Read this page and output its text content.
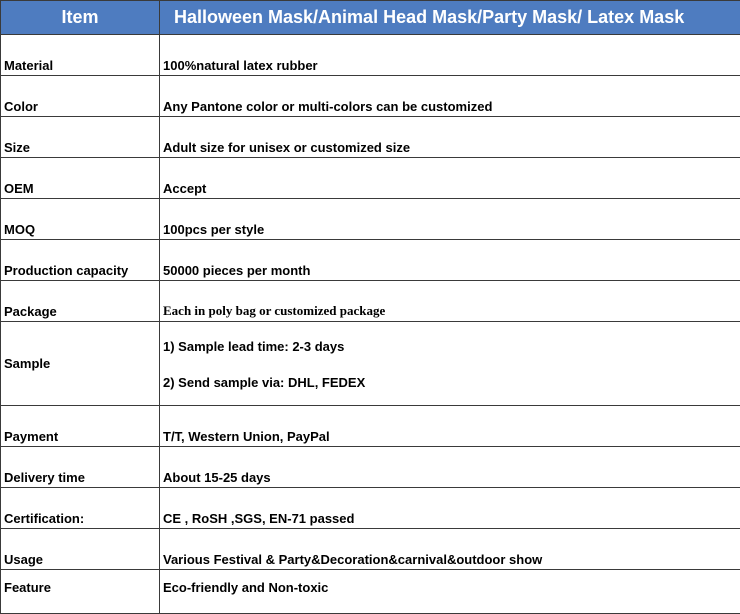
Item	Halloween Mask/Animal Head Mask/Party Mask/ Latex Mask
Material	100%natural latex rubber
Color	Any Pantone color or multi-colors can be customized
Size	Adult size for unisex or customized size
OEM	Accept
MOQ	100pcs per style
Production capacity	50000 pieces per month
Package	Each in poly bag or customized package
Sample	1) Sample lead time: 2-3 days
2) Send sample via: DHL, FEDEX

Payment	T/T, Western Union, PayPal
Delivery time	About 15-25 days
Certification:	CE , RoSH ,SGS, EN-71 passed
Usage	Various Festival & Party&Decoration&carnival&outdoor show
Feature	Eco-friendly and Non-toxic
